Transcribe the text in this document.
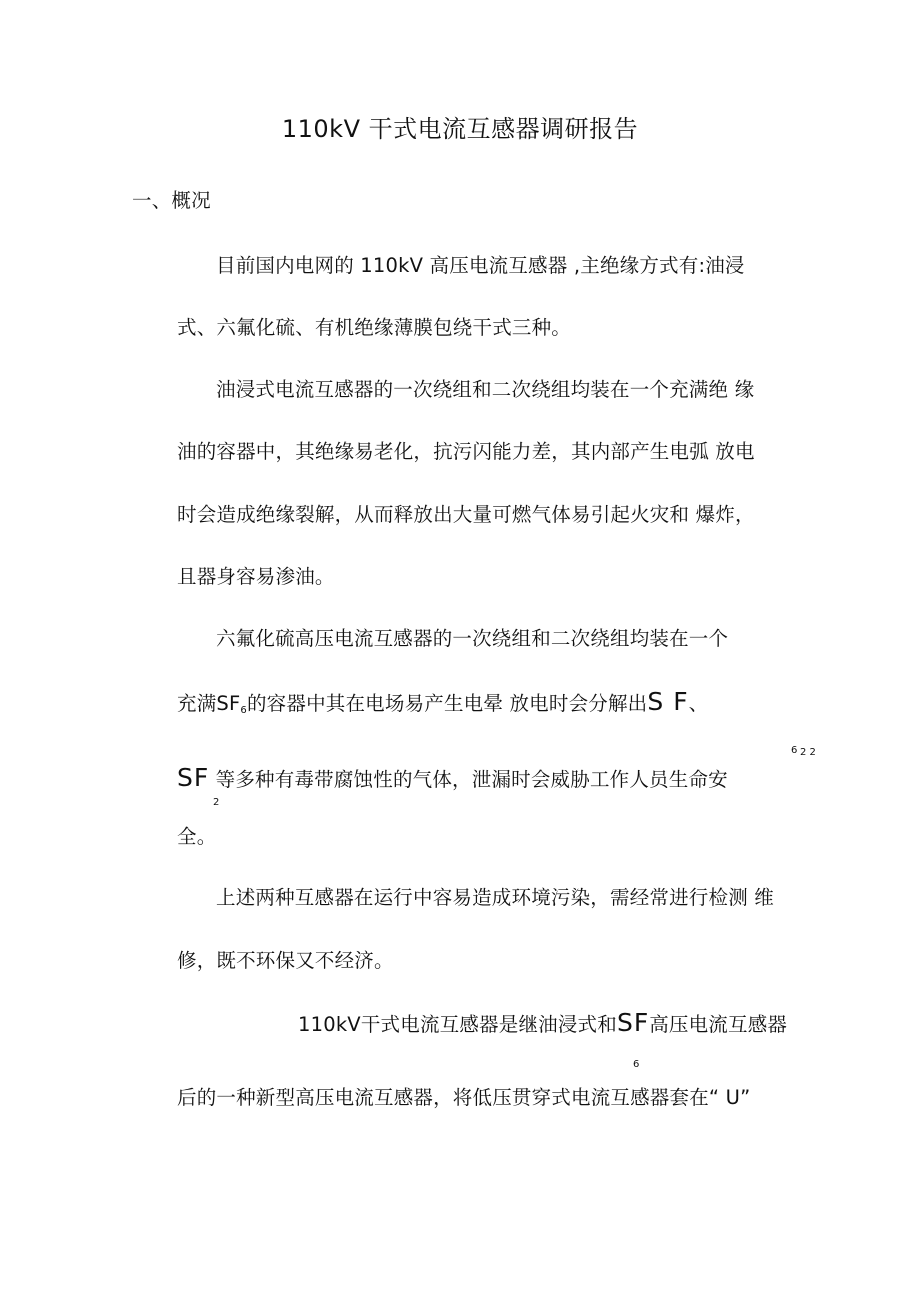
110kV 干式电流互感器调研报告
一、概况
目前国内电网的 110kV 高压电流互感器 ,主绝缘方式有:油浸
式、六氟化硫、有机绝缘薄膜包绕干式三种。
油浸式电流互感器的一次绕组和二次绕组均装在一个充满绝 缘
油的容器中，其绝缘易老化，抗污闪能力差，其内部产生电弧 放电
时会造成绝缘裂解，从而释放出大量可燃气体易引起火灾和 爆炸，
且器身容易渗油。
六氟化硫高压电流互感器的一次绕组和二次绕组均装在一个
充满SF6的容器中其在电场易产生电晕 放电时会分解出S F、
6 2 2
SF 等多种有毒带腐蚀性的气体，泄漏时会威胁工作人员生命安
2
全。
上述两种互感器在运行中容易造成环境污染，需经常进行检测 维
修，既不环保又不经济。
110kV干式电流互感器是继油浸式和SF高压电流互感器
6
后的一种新型高压电流互感器，将低压贯穿式电流互感器套在“ U”
